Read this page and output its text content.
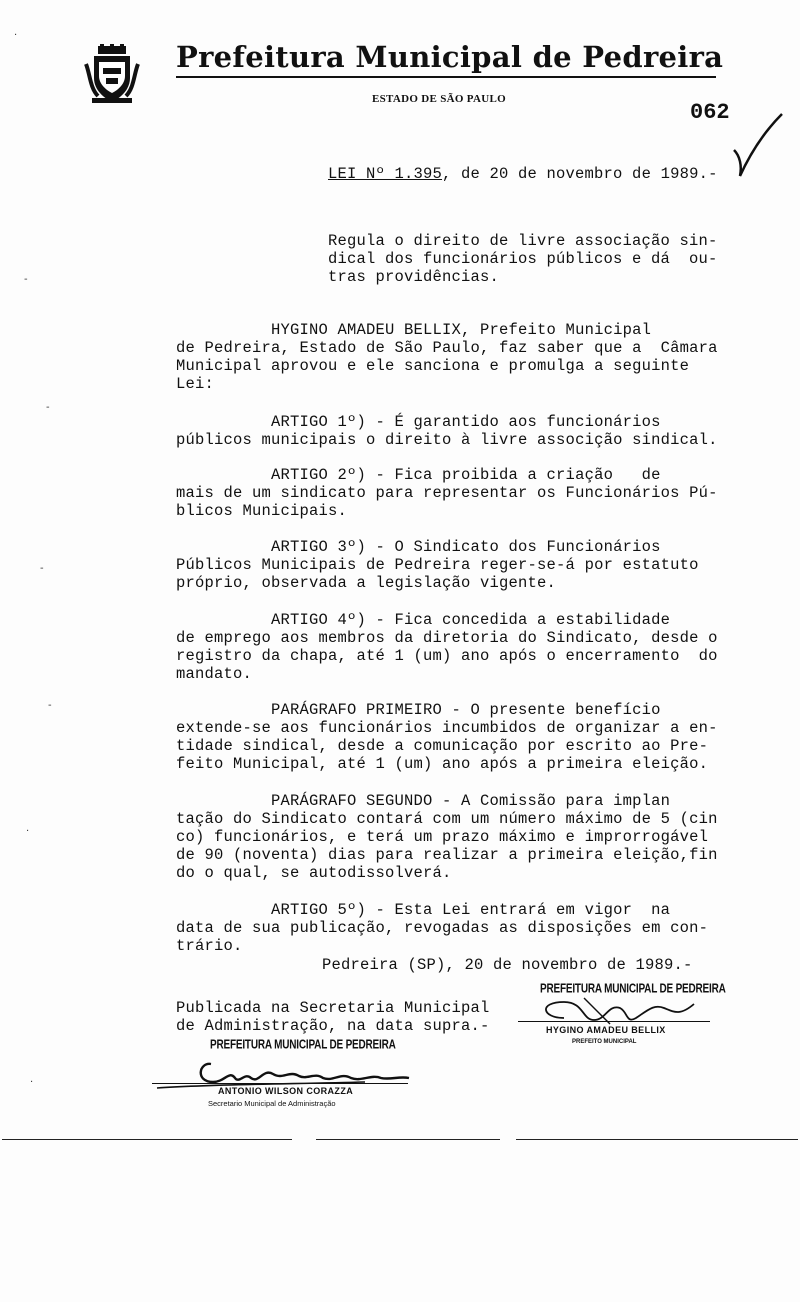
Prefeitura Municipal de Pedreira
ESTADO DE SÃO PAULO
062
LEI Nº 1.395, de 20 de novembro de 1989.-
Regula o direito de livre associação sin-
dical dos funcionários públicos e dá  ou-
tras providências.
HYGINO AMADEU BELLIX, Prefeito Municipal
de Pedreira, Estado de São Paulo, faz saber que a  Câmara
Municipal aprovou e ele sanciona e promulga a seguinte
Lei:
ARTIGO 1º) - É garantido aos funcionários
públicos municipais o direito à livre associção sindical.
ARTIGO 2º) - Fica proibida a criação   de
mais de um sindicato para representar os Funcionários Pú-
blicos Municipais.
ARTIGO 3º) - O Sindicato dos Funcionários
Públicos Municipais de Pedreira reger-se-á por estatuto
próprio, observada a legislação vigente.
ARTIGO 4º) - Fica concedida a estabilidade
de emprego aos membros da diretoria do Sindicato, desde o
registro da chapa, até 1 (um) ano após o encerramento  do
mandato.
PARÁGRAFO PRIMEIRO - O presente benefício
extende-se aos funcionários incumbidos de organizar a en-
tidade sindical, desde a comunicação por escrito ao Pre-
feito Municipal, até 1 (um) ano após a primeira eleição.
PARÁGRAFO SEGUNDO - A Comissão para implan
tação do Sindicato contará com um número máximo de 5 (cin
co) funcionários, e terá um prazo máximo e improrrogável
de 90 (noventa) dias para realizar a primeira eleição,fin
do o qual, se autodissolverá.
ARTIGO 5º) - Esta Lei entrará em vigor  na
data de sua publicação, revogadas as disposições em con-
trário.
Pedreira (SP), 20 de novembro de 1989.-
PREFEITURA MUNICIPAL DE PEDREIRA
HYGINO AMADEU BELLIX
PREFEITO MUNICIPAL
Publicada na Secretaria Municipal
de Administração, na data supra.-
PREFEITURA MUNICIPAL DE PEDREIRA
ANTONIO WILSON CORAZZA
Secretario Municipal de Administração
·
‐
‐
‐
‐
·
·
